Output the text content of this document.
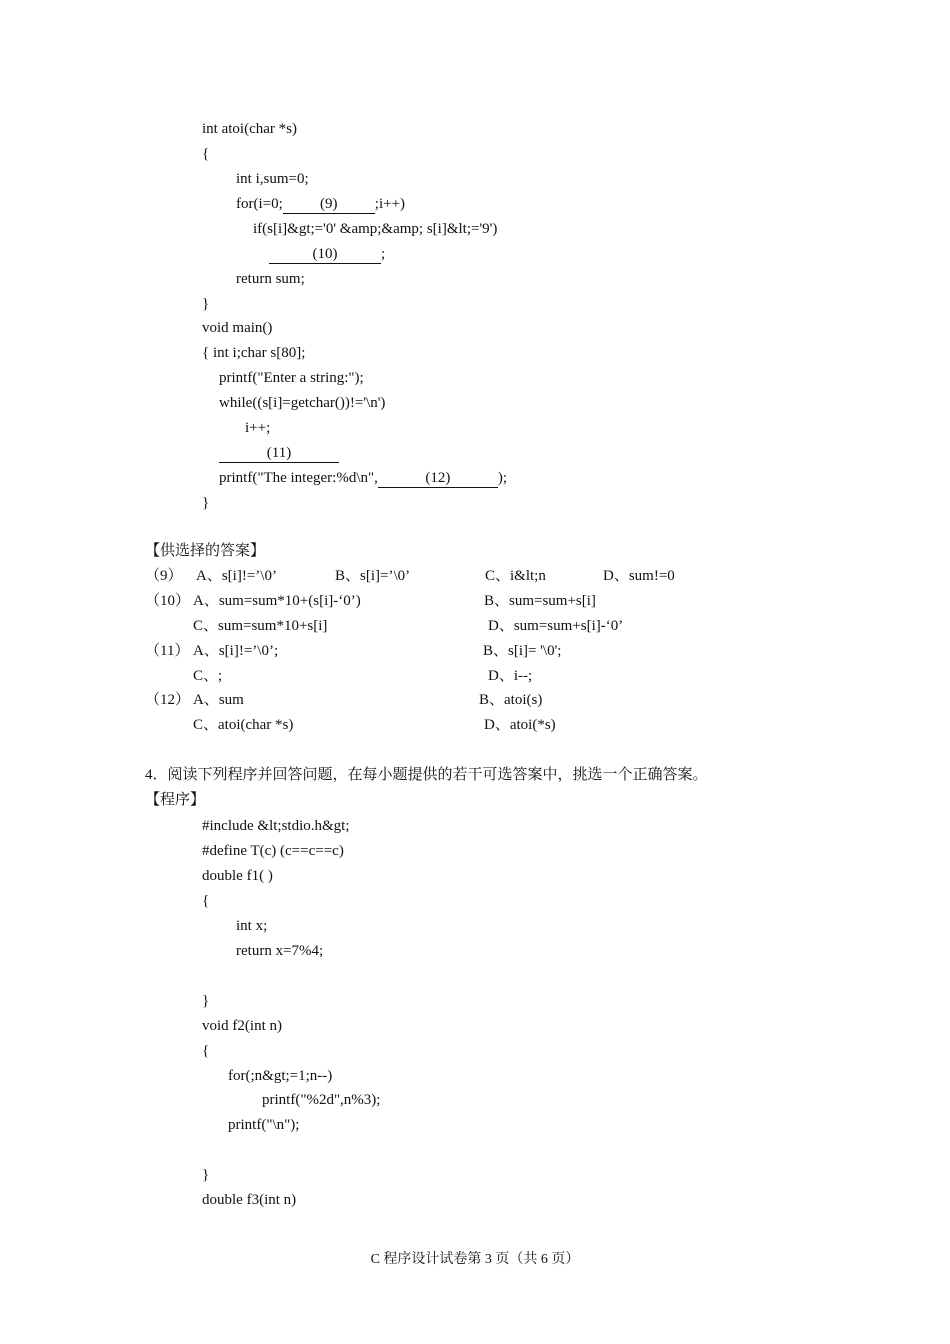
int atoi(char *s)
{
int i,sum=0;
for(i=0; (9) ;i++)
if(s[i]&gt;='0' &amp;&amp; s[i]&lt;='9')
(10)	;
return sum;
}
void main()
{ int i;char s[80];
printf("Enter a string:");
while((s[i]=getchar())!='\n')
i++;
(11)
printf("The integer:%d\n",	(12)	);
}
【供选择的答案】
（9） A、s[i]!=’\0’	B、s[i]=’\0’	C、i&lt;n	D、sum!=0
（10） A、sum=sum*10+(s[i]-‘0’)	B、sum=sum+s[i]
C、sum=sum*10+s[i]	D、sum=sum+s[i]-‘0’
（11） A、s[i]!=’\0’;	B、s[i]= '\0';
C、;	D、i--;
（12） A、sum	B、atoi(s)
C、atoi(char *s)	D、atoi(*s)
4．阅读下列程序并回答问题，在每小题提供的若干可选答案中，挑选一个正确答案。
【程序】
#include &lt;stdio.h&gt;
#define T(c) (c==c==c)
double f1( )
{
int x;
return x=7%4;
}
void f2(int n)
{
for(;n&gt;=1;n--)
printf("%2d",n%3);
printf("\n");
}
double f3(int n)
C 程序设计试卷第 3 页（共 6 页）
